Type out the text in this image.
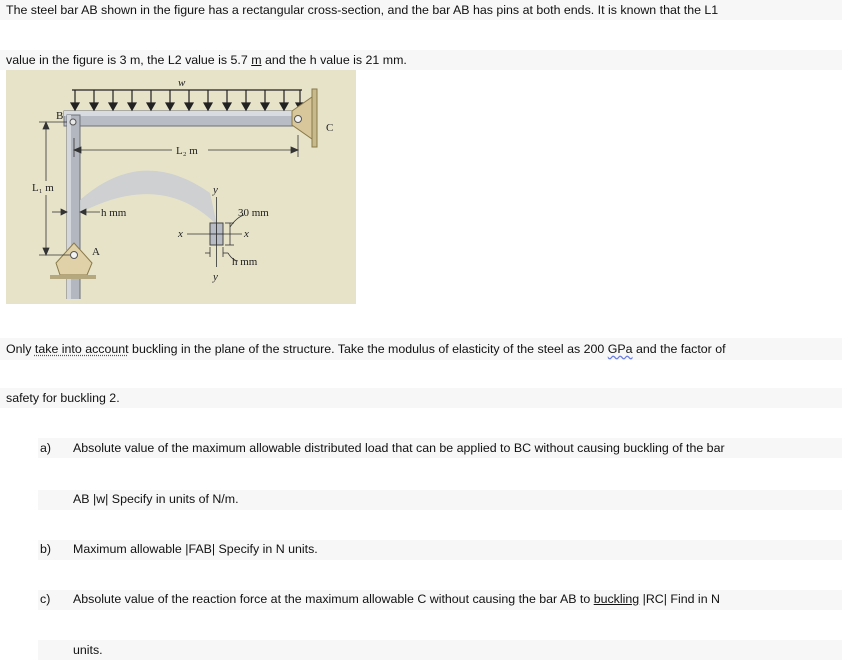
The steel bar AB shown in the figure has a rectangular cross-section, and the bar AB has pins at both ends. It is known that the L1
value in the figure is 3 m, the L2 value is 5.7 m and the h value is 21 mm.
w
B
C
A
L₂ m
L₁ m
h mm	30 mm
h mm
x	x
y
y
Only take into account buckling in the plane of the structure. Take the modulus of elasticity of the steel as 200 GPa and the factor of
safety for buckling 2.
a) Absolute value of the maximum allowable distributed load that can be applied to BC without causing buckling of the bar
AB |w| Specify in units of N/m.
b) Maximum allowable |FAB| Specify in N units.
c) Absolute value of the reaction force at the maximum allowable C without causing the bar AB to buckling |RC| Find in N
units.
